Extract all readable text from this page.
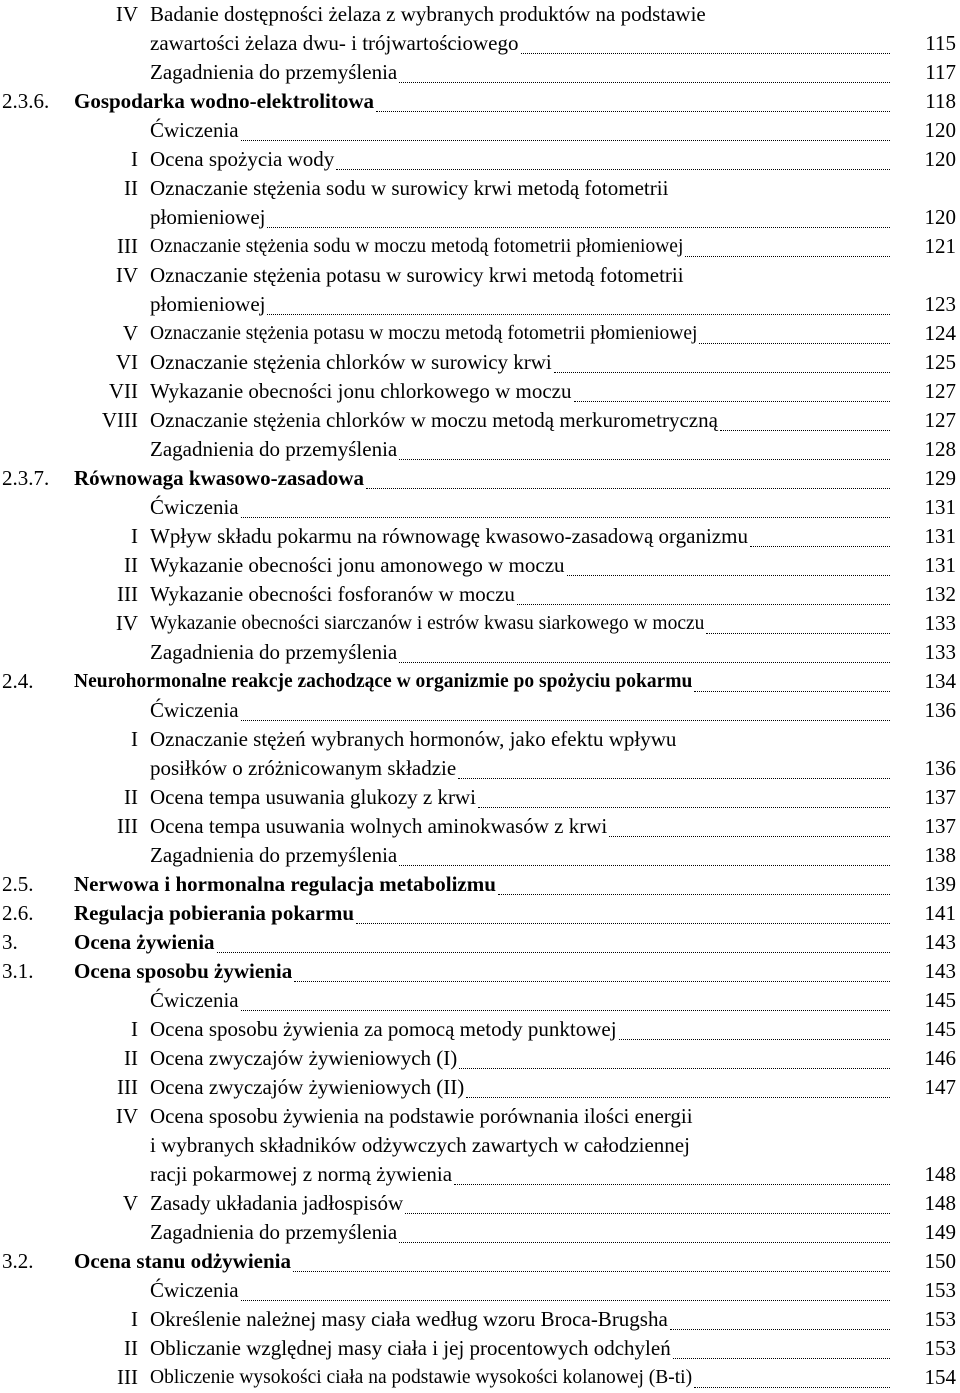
IV Badanie dostępności żelaza z wybranych produktów na podstawie
zawartości żelaza dwu- i trójwartościowego	115
Zagadnienia do przemyślenia	117
2.3.6. Gospodarka wodno-elektrolitowa	118
Ćwiczenia	120
I Ocena spożycia wody	120
II Oznaczanie stężenia sodu w surowicy krwi metodą fotometrii
płomieniowej	120
III Oznaczanie stężenia sodu w moczu metodą fotometrii płomieniowej	121
IV Oznaczanie stężenia potasu w surowicy krwi metodą fotometrii
płomieniowej	123
V Oznaczanie stężenia potasu w moczu metodą fotometrii płomieniowej	124
VI Oznaczanie stężenia chlorków w surowicy krwi	125
VII Wykazanie obecności jonu chlorkowego w moczu	127
VIII Oznaczanie stężenia chlorków w moczu metodą merkurometryczną	127
Zagadnienia do przemyślenia	128
2.3.7. Równowaga kwasowo-zasadowa	129
Ćwiczenia	131
I Wpływ składu pokarmu na równowagę kwasowo-zasadową organizmu	131
II Wykazanie obecności jonu amonowego w moczu	131
III Wykazanie obecności fosforanów w moczu	132
IV Wykazanie obecności siarczanów i estrów kwasu siarkowego w moczu	133
Zagadnienia do przemyślenia	133
2.4. Neurohormonalne reakcje zachodzące w organizmie po spożyciu pokarmu	134
Ćwiczenia	136
I Oznaczanie stężeń wybranych hormonów, jako efektu wpływu
posiłków o zróżnicowanym składzie	136
II Ocena tempa usuwania glukozy z krwi	137
III Ocena tempa usuwania wolnych aminokwasów z krwi	137
Zagadnienia do przemyślenia	138
2.5. Nerwowa i hormonalna regulacja metabolizmu	139
2.6. Regulacja pobierania pokarmu	141
3.	Ocena żywienia	143
3.1. Ocena sposobu żywienia	143
Ćwiczenia	145
I Ocena sposobu żywienia za pomocą metody punktowej	145
II Ocena zwyczajów żywieniowych (I)	146
III Ocena zwyczajów żywieniowych (II)	147
IV Ocena sposobu żywienia na podstawie porównania ilości energii
i wybranych składników odżywczych zawartych w całodziennej
racji pokarmowej z normą żywienia	148
V Zasady układania jadłospisów	148
Zagadnienia do przemyślenia	149
3.2. Ocena stanu odżywienia	150
Ćwiczenia	153
I Określenie należnej masy ciała według wzoru Broca-Brugsha	153
II Obliczanie względnej masy ciała i jej procentowych odchyleń	153
III Obliczenie wysokości ciała na podstawie wysokości kolanowej (B-ti)	154
